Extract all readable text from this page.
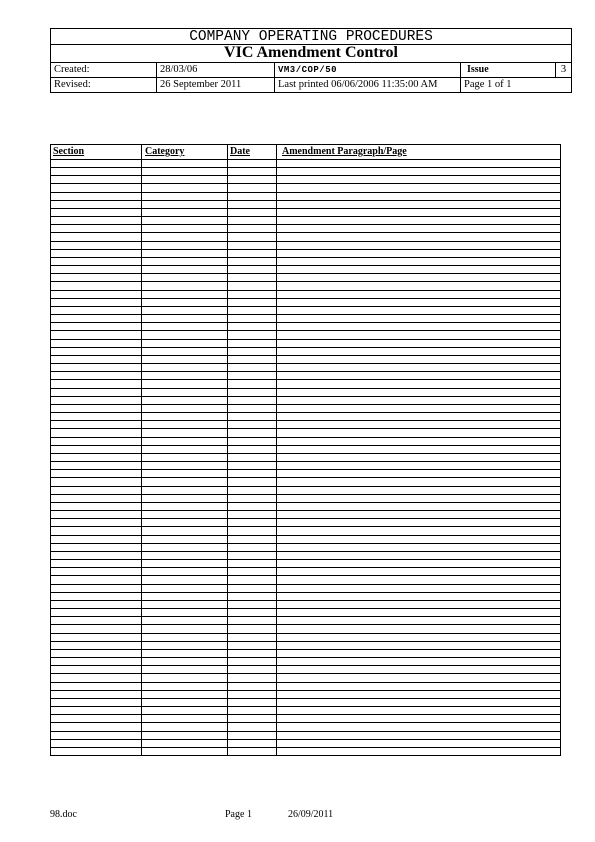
COMPANY OPERATING PROCEDURES				
VIC Amendment Control				
Created:	28/03/06	VM3/COP/50	Issue	3
Revised:	26 September 2011	Last printed 06/06/2006 11:35:00 AM	Page 1 of 1	
Section	Category	Date	Amendment Paragraph/Page
98.doc	Page 1	26/09/2011
